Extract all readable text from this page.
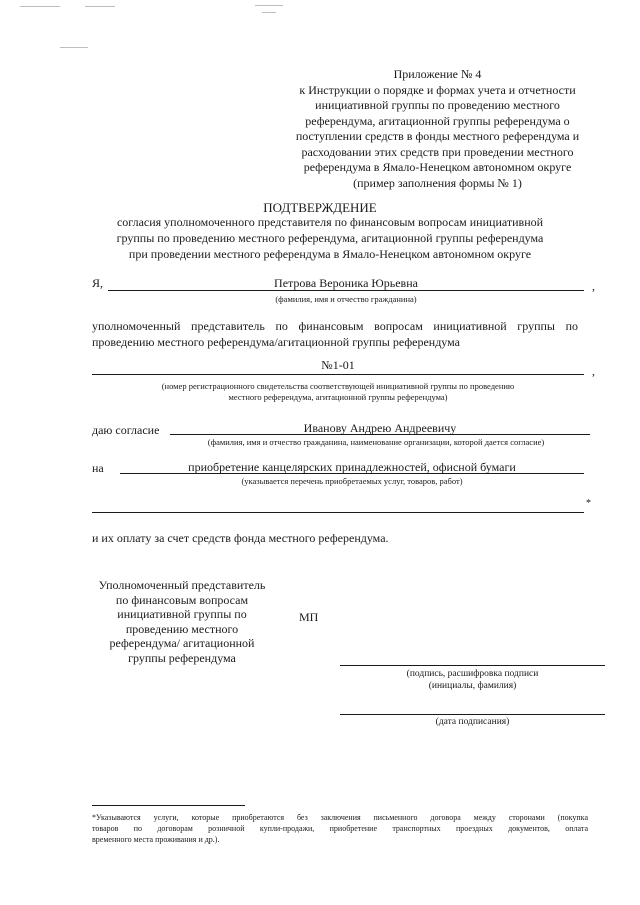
Приложение № 4
к Инструкции о порядке и формах учета и отчетности
инициативной группы по проведению местного
референдума, агитационной группы референдума о
поступлении средств в фонды местного референдума и
расходовании этих средств при проведении местного
референдума в Ямало-Ненецком автономном округе
(пример заполнения формы № 1)
ПОДТВЕРЖДЕНИЕ
согласия уполномоченного представителя по финансовым вопросам инициативной
группы по проведению местного референдума, агитационной группы референдума
при проведении местного референдума в Ямало-Ненецком автономном округе
Я,	Петрова Вероника Юрьевна	,
(фамилия, имя и отчество гражданина)
уполномоченный представитель по финансовым вопросам инициативной группы по
проведению местного референдума/агитационной группы референдума
№1-01	,
(номер регистрационного свидетельства соответствующей инициативной группы по проведению
местного референдума, агитационной группы референдума)
даю согласие	Иванову Андрею Андреевичу
(фамилия, имя и отчество гражданина, наименование организации, которой дается согласие)
на	приобретение канцелярских принадлежностей, офисной бумаги
(указывается перечень приобретаемых услуг, товаров, работ)
*
и их оплату за счет средств фонда местного референдума.
Уполномоченный представитель
по финансовым вопросам
инициативной группы по
проведению местного
референдума/ агитационной
группы референдума
МП
(подпись, расшифровка подписи
(инициалы, фамилия)
(дата подписания)
*Указываются услуги, которые приобретаются без заключения письменного договора между сторонами (покупка
товаров по договорам розничной купли-продажи, приобретение транспортных проездных документов, оплата
временного места проживания и др.).
